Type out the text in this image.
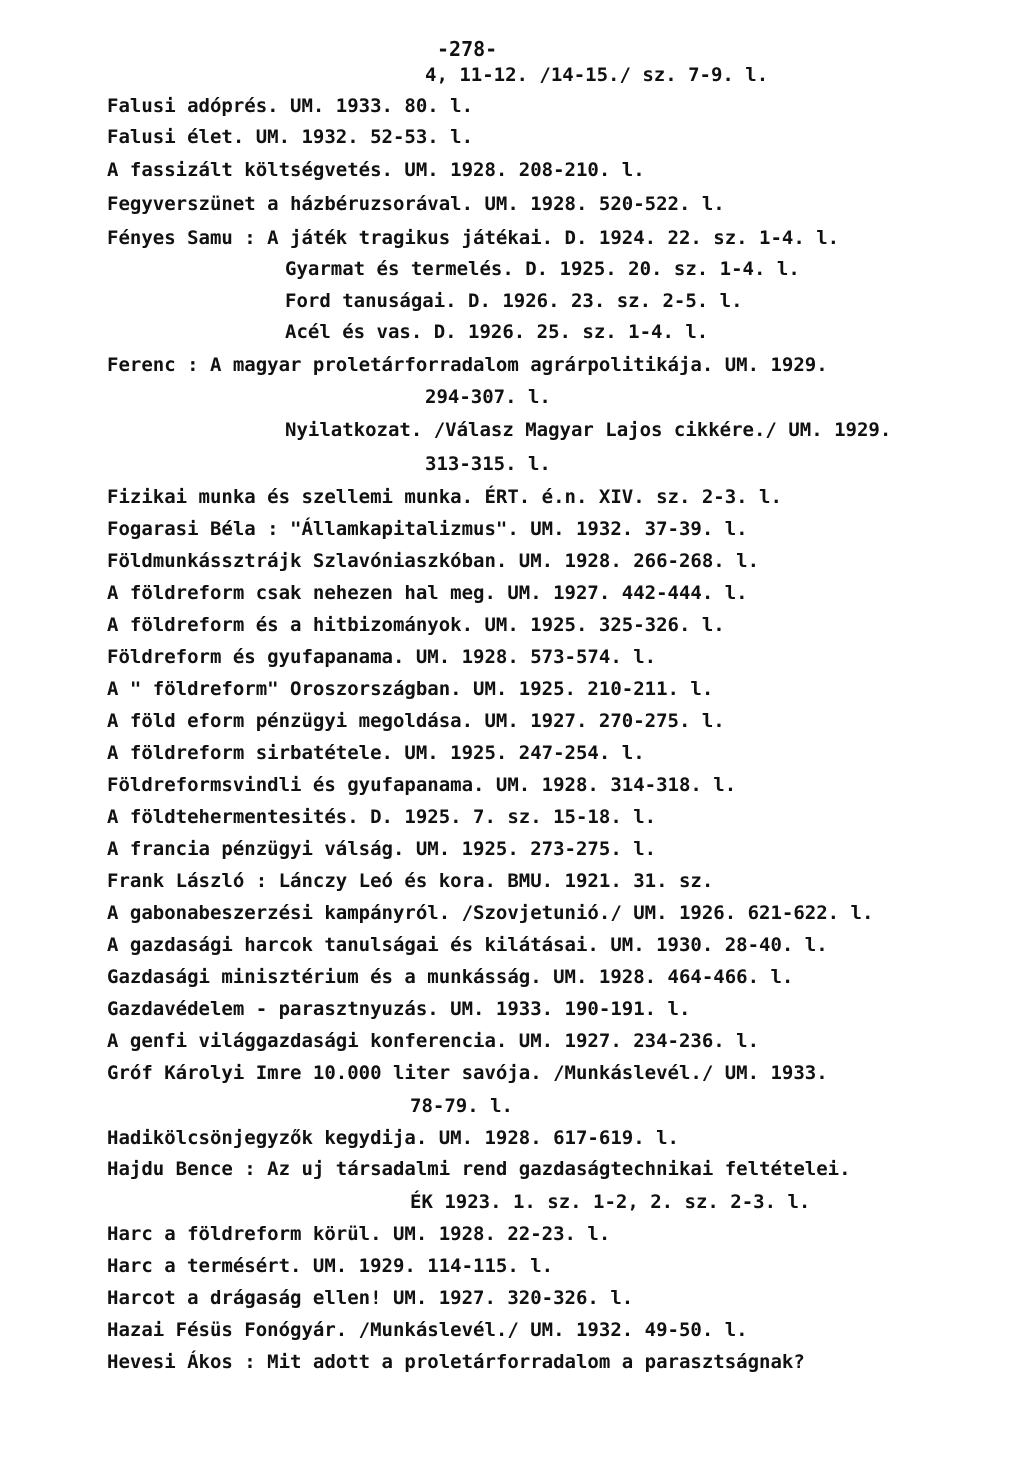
-278-
4, 11-12. /14-15./ sz. 7-9. l.
Falusi adóprés. UM. 1933. 80. l.
Falusi élet. UM. 1932. 52-53. l.
A fassizált költségvetés. UM. 1928. 208-210. l.
Fegyverszünet a házbéruzsorával. UM. 1928. 520-522. l.
Fényes Samu : A játék tragikus játékai. D. 1924. 22. sz. 1-4. l.
Gyarmat és termelés. D. 1925. 20. sz. 1-4. l.
Ford tanuságai. D. 1926. 23. sz. 2-5. l.
Acél és vas. D. 1926. 25. sz. 1-4. l.
Ferenc : A magyar proletárforradalom agrárpolitikája. UM. 1929.
294-307. l.
Nyilatkozat. /Válasz Magyar Lajos cikkére./ UM. 1929.
313-315. l.
Fizikai munka és szellemi munka. ÉRT. é.n. XIV. sz. 2-3. l.
Fogarasi Béla : "Államkapitalizmus". UM. 1932. 37-39. l.
Földmunkássztrájk Szlavóniaszkóban. UM. 1928. 266-268. l.
A földreform csak nehezen hal meg. UM. 1927. 442-444. l.
A földreform és a hitbizományok. UM. 1925. 325-326. l.
Földreform és gyufapanama. UM. 1928. 573-574. l.
A " földreform" Oroszországban. UM. 1925. 210-211. l.
A föld eform pénzügyi megoldása. UM. 1927. 270-275. l.
A földreform sirbatétele. UM. 1925. 247-254. l.
Földreformsvindli és gyufapanama. UM. 1928. 314-318. l.
A földtehermentesités. D. 1925. 7. sz. 15-18. l.
A francia pénzügyi válság. UM. 1925. 273-275. l.
Frank László : Lánczy Leó és kora. BMU. 1921. 31. sz.
A gabonabeszerzési kampányról. /Szovjetunió./ UM. 1926. 621-622. l.
A gazdasági harcok tanulságai és kilátásai. UM. 1930. 28-40. l.
Gazdasági minisztérium és a munkásság. UM. 1928. 464-466. l.
Gazdavédelem - parasztnyuzás. UM. 1933. 190-191. l.
A genfi világgazdasági konferencia. UM. 1927. 234-236. l.
Gróf Károlyi Imre 10.000 liter savója. /Munkáslevél./ UM. 1933.
78-79. l.
Hadikölcsönjegyzők kegydija. UM. 1928. 617-619. l.
Hajdu Bence : Az uj társadalmi rend gazdaságtechnikai feltételei.
ÉK 1923. 1. sz. 1-2, 2. sz. 2-3. l.
Harc a földreform körül. UM. 1928. 22-23. l.
Harc a termésért. UM. 1929. 114-115. l.
Harcot a drágaság ellen! UM. 1927. 320-326. l.
Hazai Fésüs Fonógyár. /Munkáslevél./ UM. 1932. 49-50. l.
Hevesi Ákos : Mit adott a proletárforradalom a parasztságnak?
